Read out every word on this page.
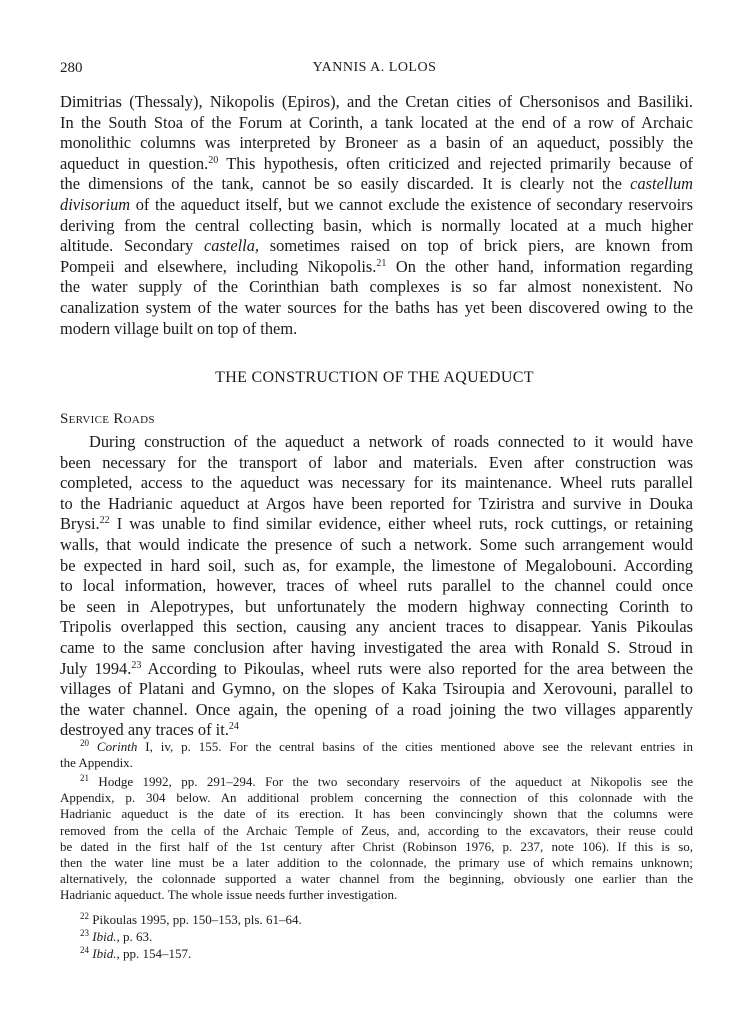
280	YANNIS A. LOLOS
Dimitrias (Thessaly), Nikopolis (Epiros), and the Cretan cities of Chersonisos and Basiliki.
In the South Stoa of the Forum at Corinth, a tank located at the end of a row of Archaic
monolithic columns was interpreted by Broneer as a basin of an aqueduct, possibly the
aqueduct in question.$^{20}$ This hypothesis, often criticized and rejected primarily because of
the dimensions of the tank, cannot be so easily discarded. It is clearly not the castellum
divisorium of the aqueduct itself, but we cannot exclude the existence of secondary reservoirs
deriving from the central collecting basin, which is normally located at a much higher
altitude. Secondary castella, sometimes raised on top of brick piers, are known from
Pompeii and elsewhere, including Nikopolis.$^{21}$ On the other hand, information regarding
the water supply of the Corinthian bath complexes is so far almost nonexistent. No
canalization system of the water sources for the baths has yet been discovered owing to the
modern village built on top of them.
THE CONSTRUCTION OF THE AQUEDUCT
Service Roads
During construction of the aqueduct a network of roads connected to it would have
been necessary for the transport of labor and materials. Even after construction was
completed, access to the aqueduct was necessary for its maintenance. Wheel ruts parallel
to the Hadrianic aqueduct at Argos have been reported for Tziristra and survive in Douka
Brysi.$^{22}$ I was unable to find similar evidence, either wheel ruts, rock cuttings, or retaining
walls, that would indicate the presence of such a network. Some such arrangement would
be expected in hard soil, such as, for example, the limestone of Megalobouni. According
to local information, however, traces of wheel ruts parallel to the channel could once
be seen in Alepotrypes, but unfortunately the modern highway connecting Corinth to
Tripolis overlapped this section, causing any ancient traces to disappear. Yanis Pikoulas
came to the same conclusion after having investigated the area with Ronald S. Stroud in
July 1994.23 According to Pikoulas, wheel ruts were also reported for the area between the
villages of Platani and Gymno, on the slopes of Kaka Tsiroupia and Xerovouni, parallel to
the water channel. Once again, the opening of a road joining the two villages apparently
destroyed any traces of it.$^{24}$
$^{20}$ Corinth I, iv, p. 155. For the central basins of the cities mentioned above see the relevant entries in
the Appendix.
$^{21}$ Hodge 1992, pp. 291–294. For the two secondary reservoirs of the aqueduct at Nikopolis see the
Appendix, p. 304 below. An additional problem concerning the connection of this colonnade with the
Hadrianic aqueduct is the date of its erection. It has been convincingly shown that the columns were
removed from the cella of the Archaic Temple of Zeus, and, according to the excavators, their reuse could
be dated in the first half of the 1st century after Christ (Robinson 1976, p. 237, note 106). If this is so,
then the water line must be a later addition to the colonnade, the primary use of which remains unknown;
alternatively, the colonnade supported a water channel from the beginning, obviously one earlier than the
Hadrianic aqueduct. The whole issue needs further investigation.
$^{22}$ Pikoulas 1995, pp. 150–153, pls. 61–64.
$^{23}$ Ibid., p. 63.
$^{24}$ Ibid., pp. 154–157.
